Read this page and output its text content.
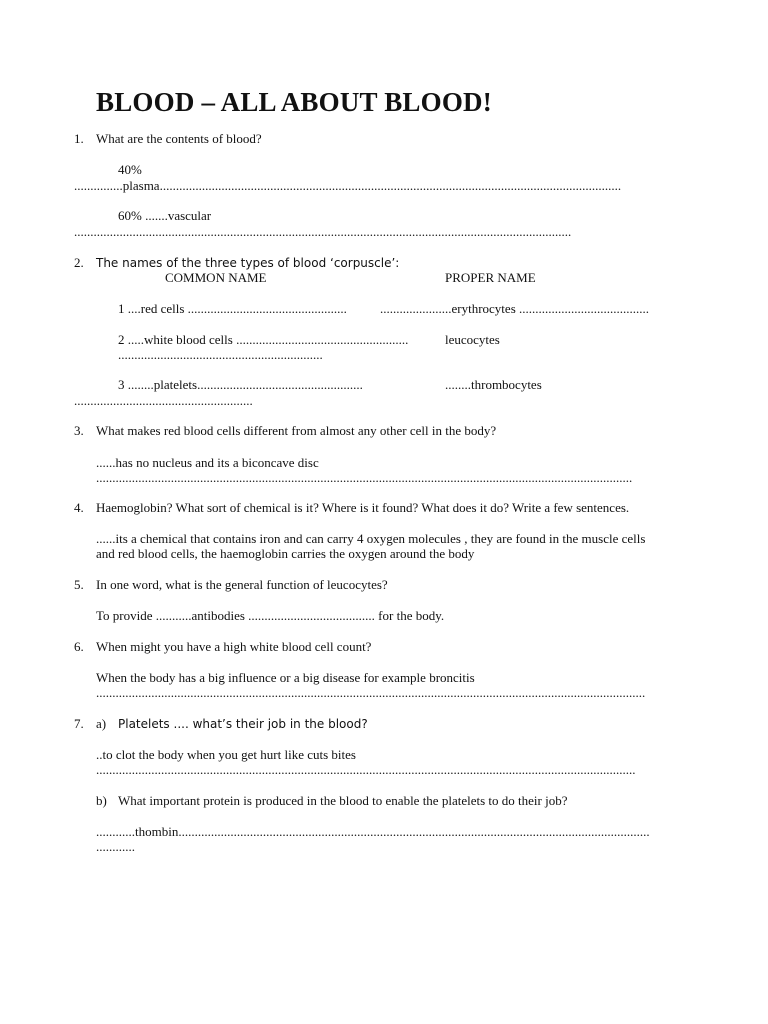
BLOOD – ALL ABOUT BLOOD!
1. What are the contents of blood?
40%
...............plasma..............................................................................................................................................
60% .......vascular
.........................................................................................................................................................
2. The names of the three types of blood ‘corpuscle’:
COMMON NAME	PROPER NAME
1 ....red cells .................................................	......................erythrocytes ........................................
2 .....white blood cells .....................................................	leucocytes
...............................................................
3 ........platelets...................................................	........thrombocytes
.......................................................
3. What makes red blood cells different from almost any other cell in the body?
......has no nucleus and its a biconcave disc
.....................................................................................................................................................................
4. Haemoglobin? What sort of chemical is it? Where is it found? What does it do? Write a few sentences.
......its a chemical that contains iron and can carry 4 oxygen molecules , they are found in the muscle cells
and red blood cells, the haemoglobin carries the oxygen around the body
5. In one word, what is the general function of leucocytes?
To provide ...........antibodies ....................................... for the body.
6. When might you have a high white blood cell count?
When the body has a big influence or a big disease for example broncitis
.........................................................................................................................................................................
7. a) Platelets .... what’s their job in the blood?
..to clot the body when you get hurt like cuts bites
......................................................................................................................................................................
b) What important protein is produced in the blood to enable the platelets to do their job?
............thombin.................................................................................................................................................
............
